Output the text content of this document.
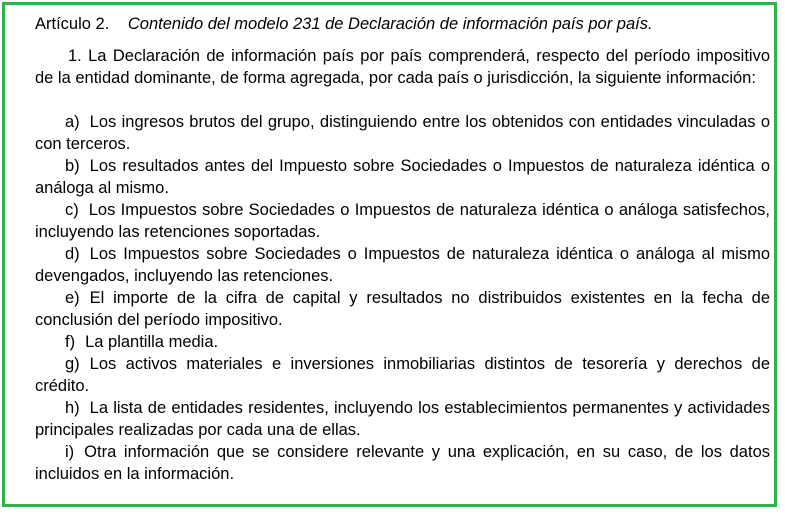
Artículo 2. Contenido del modelo 231 de Declaración de información país por país.

1. La Declaración de información país por país comprenderá, respecto del período impositivo de la entidad dominante, de forma agregada, por cada país o jurisdicción, la siguiente información:

a) Los ingresos brutos del grupo, distinguiendo entre los obtenidos con entidades vinculadas o con terceros.

b) Los resultados antes del Impuesto sobre Sociedades o Impuestos de naturaleza idéntica o análoga al mismo.

c) Los Impuestos sobre Sociedades o Impuestos de naturaleza idéntica o análoga satisfechos, incluyendo las retenciones soportadas.

d) Los Impuestos sobre Sociedades o Impuestos de naturaleza idéntica o análoga al mismo devengados, incluyendo las retenciones.

e) El importe de la cifra de capital y resultados no distribuidos existentes en la fecha de conclusión del período impositivo.

f) La plantilla media.

g) Los activos materiales e inversiones inmobiliarias distintos de tesorería y derechos de crédito.

h) La lista de entidades residentes, incluyendo los establecimientos permanentes y actividades principales realizadas por cada una de ellas.

i) Otra información que se considere relevante y una explicación, en su caso, de los datos incluidos en la información.
